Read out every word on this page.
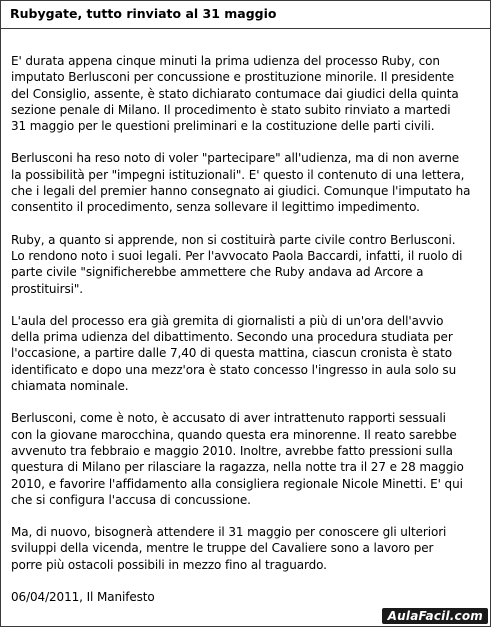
Rubygate, tutto rinviato al 31 maggio

E' durata appena cinque minuti la prima udienza del processo Ruby, con
imputato Berlusconi per concussione e prostituzione minorile. Il presidente
del Consiglio, assente, è stato dichiarato contumace dai giudici della quinta
sezione penale di Milano. Il procedimento è stato subito rinviato a martedi
31 maggio per le questioni preliminari e la costituzione delle parti civili.

Berlusconi ha reso noto di voler "partecipare" all'udienza, ma di non averne
la possibilità per "impegni istituzionali". E' questo il contenuto di una lettera,
che i legali del premier hanno consegnato ai giudici. Comunque l'imputato ha
consentito il procedimento, senza sollevare il legittimo impedimento.

Ruby, a quanto si apprende, non si costituirà parte civile contro Berlusconi.
Lo rendono noto i suoi legali. Per l'avvocato Paola Baccardi, infatti, il ruolo di
parte civile "significherebbe ammettere che Ruby andava ad Arcore a
prostituirsi".

L'aula del processo era già gremita di giornalisti a più di un'ora dell'avvio
della prima udienza del dibattimento. Secondo una procedura studiata per
l'occasione, a partire dalle 7,40 di questa mattina, ciascun cronista è stato
identificato e dopo una mezz'ora è stato concesso l'ingresso in aula solo su
chiamata nominale.

Berlusconi, come è noto, è accusato di aver intrattenuto rapporti sessuali
con la giovane marocchina, quando questa era minorenne. Il reato sarebbe
avvenuto tra febbraio e maggio 2010. Inoltre, avrebbe fatto pressioni sulla
questura di Milano per rilasciare la ragazza, nella notte tra il 27 e 28 maggio
2010, e favorire l'affidamento alla consigliera regionale Nicole Minetti. E' qui
che si configura l'accusa di concussione.

Ma, di nuovo, bisognerà attendere il 31 maggio per conoscere gli ulteriori
sviluppi della vicenda, mentre le truppe del Cavaliere sono a lavoro per
porre più ostacoli possibili in mezzo fino al traguardo.

06/04/2011, Il Manifesto

AulaFacil.com
